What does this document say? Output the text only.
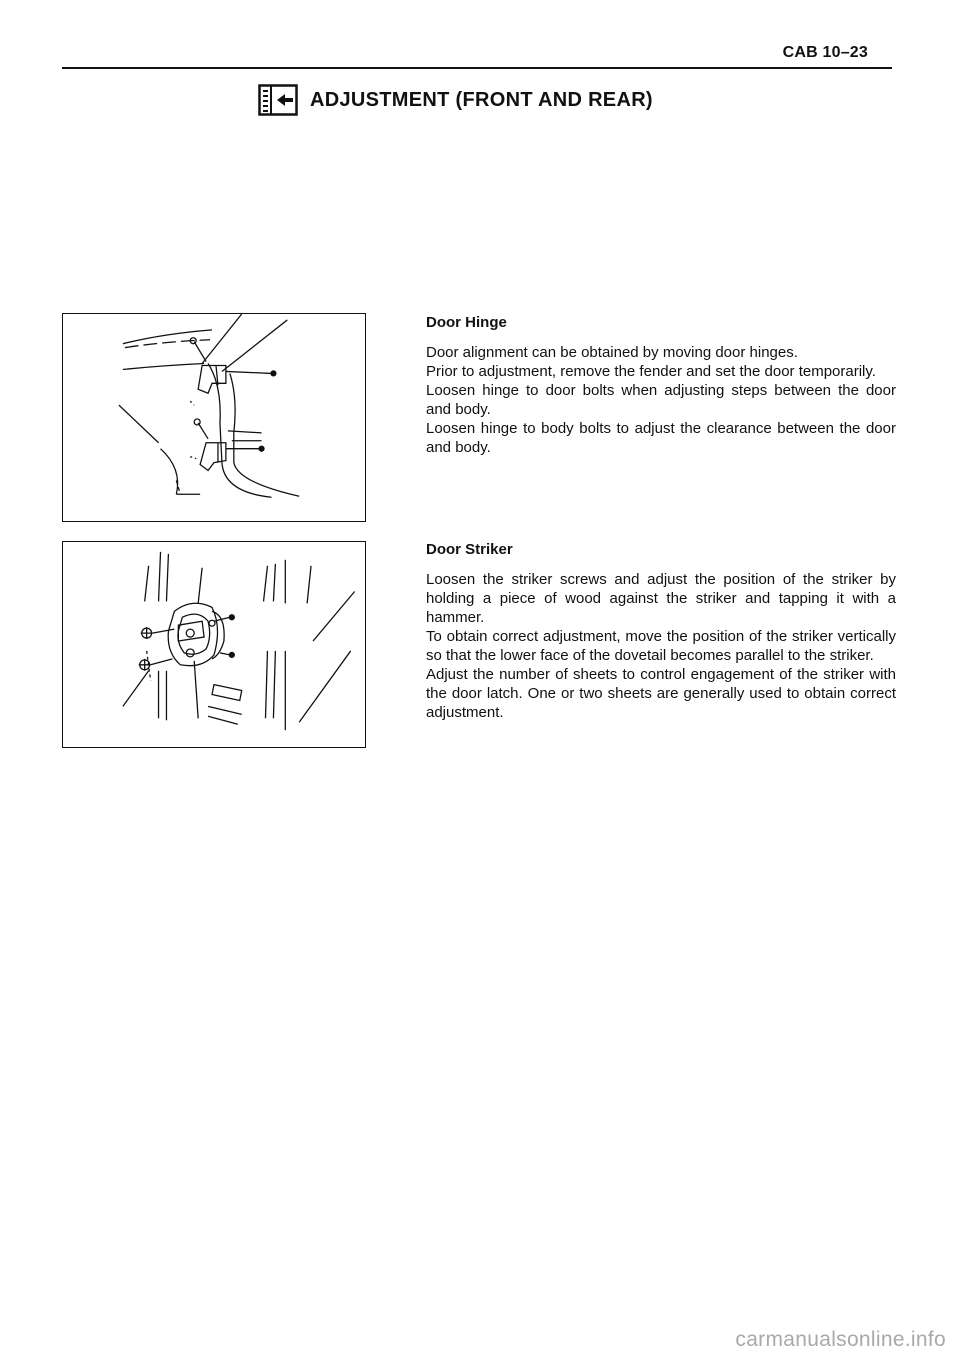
CAB 10–23
ADJUSTMENT (FRONT AND REAR)
Door Hinge

Door alignment can be obtained by moving door hinges.

Prior to adjustment, remove the fender and set the door temporarily.

Loosen hinge to door bolts when adjusting steps between the door and body.

Loosen hinge to body bolts to adjust the clearance between the door and body.

Door Striker

Loosen the striker screws and adjust the position of the striker by holding a piece of wood against the striker and tapping it with a hammer.

To obtain correct adjustment, move the position of the striker vertically so that the lower face of the dovetail becomes parallel to the striker.

Adjust the number of sheets to control engagement of the striker with the door latch. One or two sheets are generally used to obtain correct adjustment.

carmanualsonline.info
